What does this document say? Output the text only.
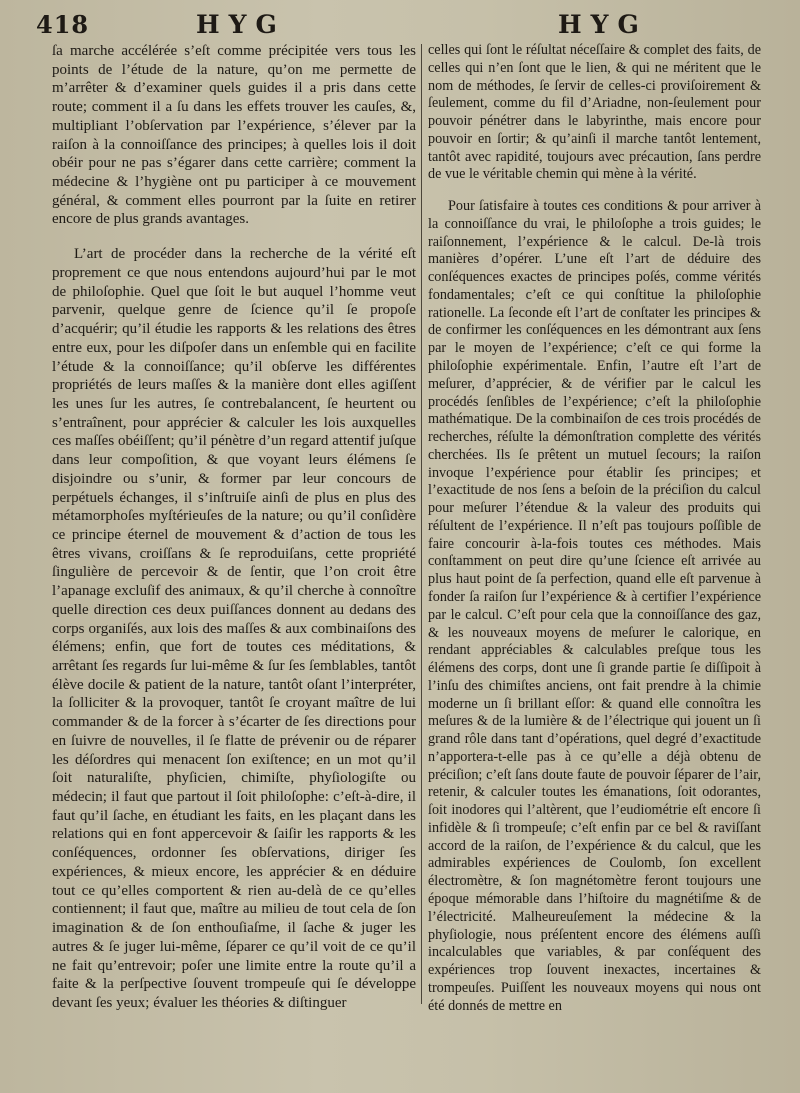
418	HYG	HYG

ſa marche accélérée s’eſt comme précipitée vers tous les points de l’étude de la nature, qu’on me permette de m’arrêter & d’examiner quels guides il a pris dans cette route; comment il a ſu dans les effets trouver les cauſes, &, multipliant l’obſervation par l’expérience, s’élever par la raiſon à la connoiſſance des principes; à quelles lois il doit obéir pour ne pas s’égarer dans cette carrière; comment la médecine & l’hygiène ont pu participer à ce mouvement général, & comment elles pourront par la ſuite en retirer encore de plus grands avantages.

L’art de procéder dans la recherche de la vérité eſt proprement ce que nous entendons aujourd’hui par le mot de philoſophie. Quel que ſoit le but auquel l’homme veut parvenir, quelque genre de ſcience qu’il ſe propoſe d’acquérir; qu’il étudie les rapports & les relations des êtres entre eux, pour les diſpoſer dans un enſemble qui en facilite l’étude & la connoiſſance; qu’il obſerve les différentes propriétés de leurs maſſes & la manière dont elles agiſſent les unes ſur les autres, ſe contrebalancent, ſe heurtent ou s’entraînent, pour apprécier & calculer les lois auxquelles ces maſſes obéiſſent; qu’il pénètre d’un regard attentif juſque dans leur compoſition, & que voyant leurs élémens ſe disjoindre ou s’unir, & former par leur concours de perpétuels échanges, il s’inſtruiſe ainſi de plus en plus des métamorphoſes myſtérieuſes de la nature; ou qu’il conſidère ce principe éternel de mouvement & d’action de tous les êtres vivans, croiſſans & ſe reproduiſans, cette propriété ſingulière de percevoir & de ſentir, que l’on croit être l’apanage excluſif des animaux, & qu’il cherche à connoître quelle direction ces deux puiſſances donnent au dedans des corps organiſés, aux lois des maſſes & aux combinaiſons des élémens; enfin, que fort de toutes ces méditations, & arrêtant ſes regards ſur lui-même & ſur ſes ſemblables, tantôt élève docile & patient de la nature, tantôt oſant l’interpréter, la ſolliciter & la provoquer, tantôt ſe croyant maître de lui commander & de la forcer à s’écarter de ſes directions pour en ſuivre de nouvelles, il ſe flatte de prévenir ou de réparer les déſordres qui menacent ſon exiſtence; en un mot qu’il ſoit naturaliſte, phyſicien, chimiſte, phyſiologiſte ou médecin; il faut que partout il ſoit philoſophe: c’eſt-à-dire, il faut qu’il ſache, en étudiant les faits, en les plaçant dans les relations qui en font appercevoir & ſaiſir les rapports & les conſéquences, ordonner ſes obſervations, diriger ſes expériences, & mieux encore, les apprécier & en déduire tout ce qu’elles comportent & rien au-delà de ce qu’elles contiennent; il faut que, maître au milieu de tout cela de ſon imagination & de ſon enthouſiaſme, il ſache & juger les autres & ſe juger lui-même, ſéparer ce qu’il voit de ce qu’il ne fait qu’entrevoir; poſer une limite entre la route qu’il a faite & la perſpective ſouvent trompeuſe qui ſe développe devant ſes yeux; évaluer les théories & diſtinguer

celles qui ſont le réſultat néceſſaire & complet des faits, de celles qui n’en ſont que le lien, & qui ne méritent que le nom de méthodes, ſe ſervir de celles-ci proviſoirement & ſeulement, comme du fil d’Ariadne, non-ſeulement pour pouvoir pénétrer dans le labyrinthe, mais encore pour pouvoir en ſortir; & qu’ainſi il marche tantôt lentement, tantôt avec rapidité, toujours avec précaution, ſans perdre de vue le véritable chemin qui mène à la vérité.

Pour ſatisfaire à toutes ces conditions & pour arriver à la connoiſſance du vrai, le philoſophe a trois guides; le raiſonnement, l’expérience & le calcul. De-là trois manières d’opérer. L’une eſt l’art de déduire des conſéquences exactes de principes poſés, comme vérités fondamentales; c’eſt ce qui conſtitue la philoſophie rationelle. La ſeconde eſt l’art de conſtater les principes & de confirmer les conſéquences en les démontrant aux ſens par le moyen de l’expérience; c’eſt ce qui forme la philoſophie expérimentale. Enfin, l’autre eſt l’art de meſurer, d’apprécier, & de vérifier par le calcul les procédés ſenſibles de l’expérience; c’eſt la philoſophie mathématique. De la combinaiſon de ces trois procédés de recherches, réſulte la démonſtration complette des vérités cherchées. Ils ſe prêtent un mutuel ſecours; la raiſon invoque l’expérience pour établir ſes principes; et l’exactitude de nos ſens a beſoin de la préciſion du calcul pour meſurer l’étendue & la valeur des produits qui réſultent de l’expérience. Il n’eſt pas toujours poſſible de faire concourir à-la-fois toutes ces méthodes. Mais conſtamment on peut dire qu’une ſcience eſt arrivée au plus haut point de ſa perfection, quand elle eſt parvenue à fonder ſa raiſon ſur l’expérience & à certifier l’expérience par le calcul. C’eſt pour cela que la connoiſſance des gaz, & les nouveaux moyens de meſurer le calorique, en rendant appréciables & calculables preſque tous les élémens des corps, dont une ſi grande partie ſe diſſipoit à l’inſu des chimiſtes anciens, ont fait prendre à la chimie moderne un ſi brillant eſſor: & quand elle connoîtra les meſures & de la lumière & de l’électrique qui jouent un ſi grand rôle dans tant d’opérations, quel degré d’exactitude n’apportera-t-elle pas à ce qu’elle a déjà obtenu de préciſion; c’eſt ſans doute faute de pouvoir ſéparer de l’air, retenir, & calculer toutes les émanations, ſoit odorantes, ſoit inodores qui l’altèrent, que l’eudiométrie eſt encore ſi infidèle & ſi trompeuſe; c’eſt enfin par ce bel & raviſſant accord de la raiſon, de l’expérience & du calcul, que les admirables expériences de Coulomb, ſon excellent électromètre, & ſon magnétomètre feront toujours une époque mémorable dans l’hiſtoire du magnétiſme & de l’électricité. Malheureuſement la médecine & la phyſiologie, nous préſentent encore des élémens auſſi incalculables que variables, & par conſéquent des expériences trop ſouvent inexactes, incertaines & trompeuſes. Puiſſent les nouveaux moyens qui nous ont été donnés de mettre en
